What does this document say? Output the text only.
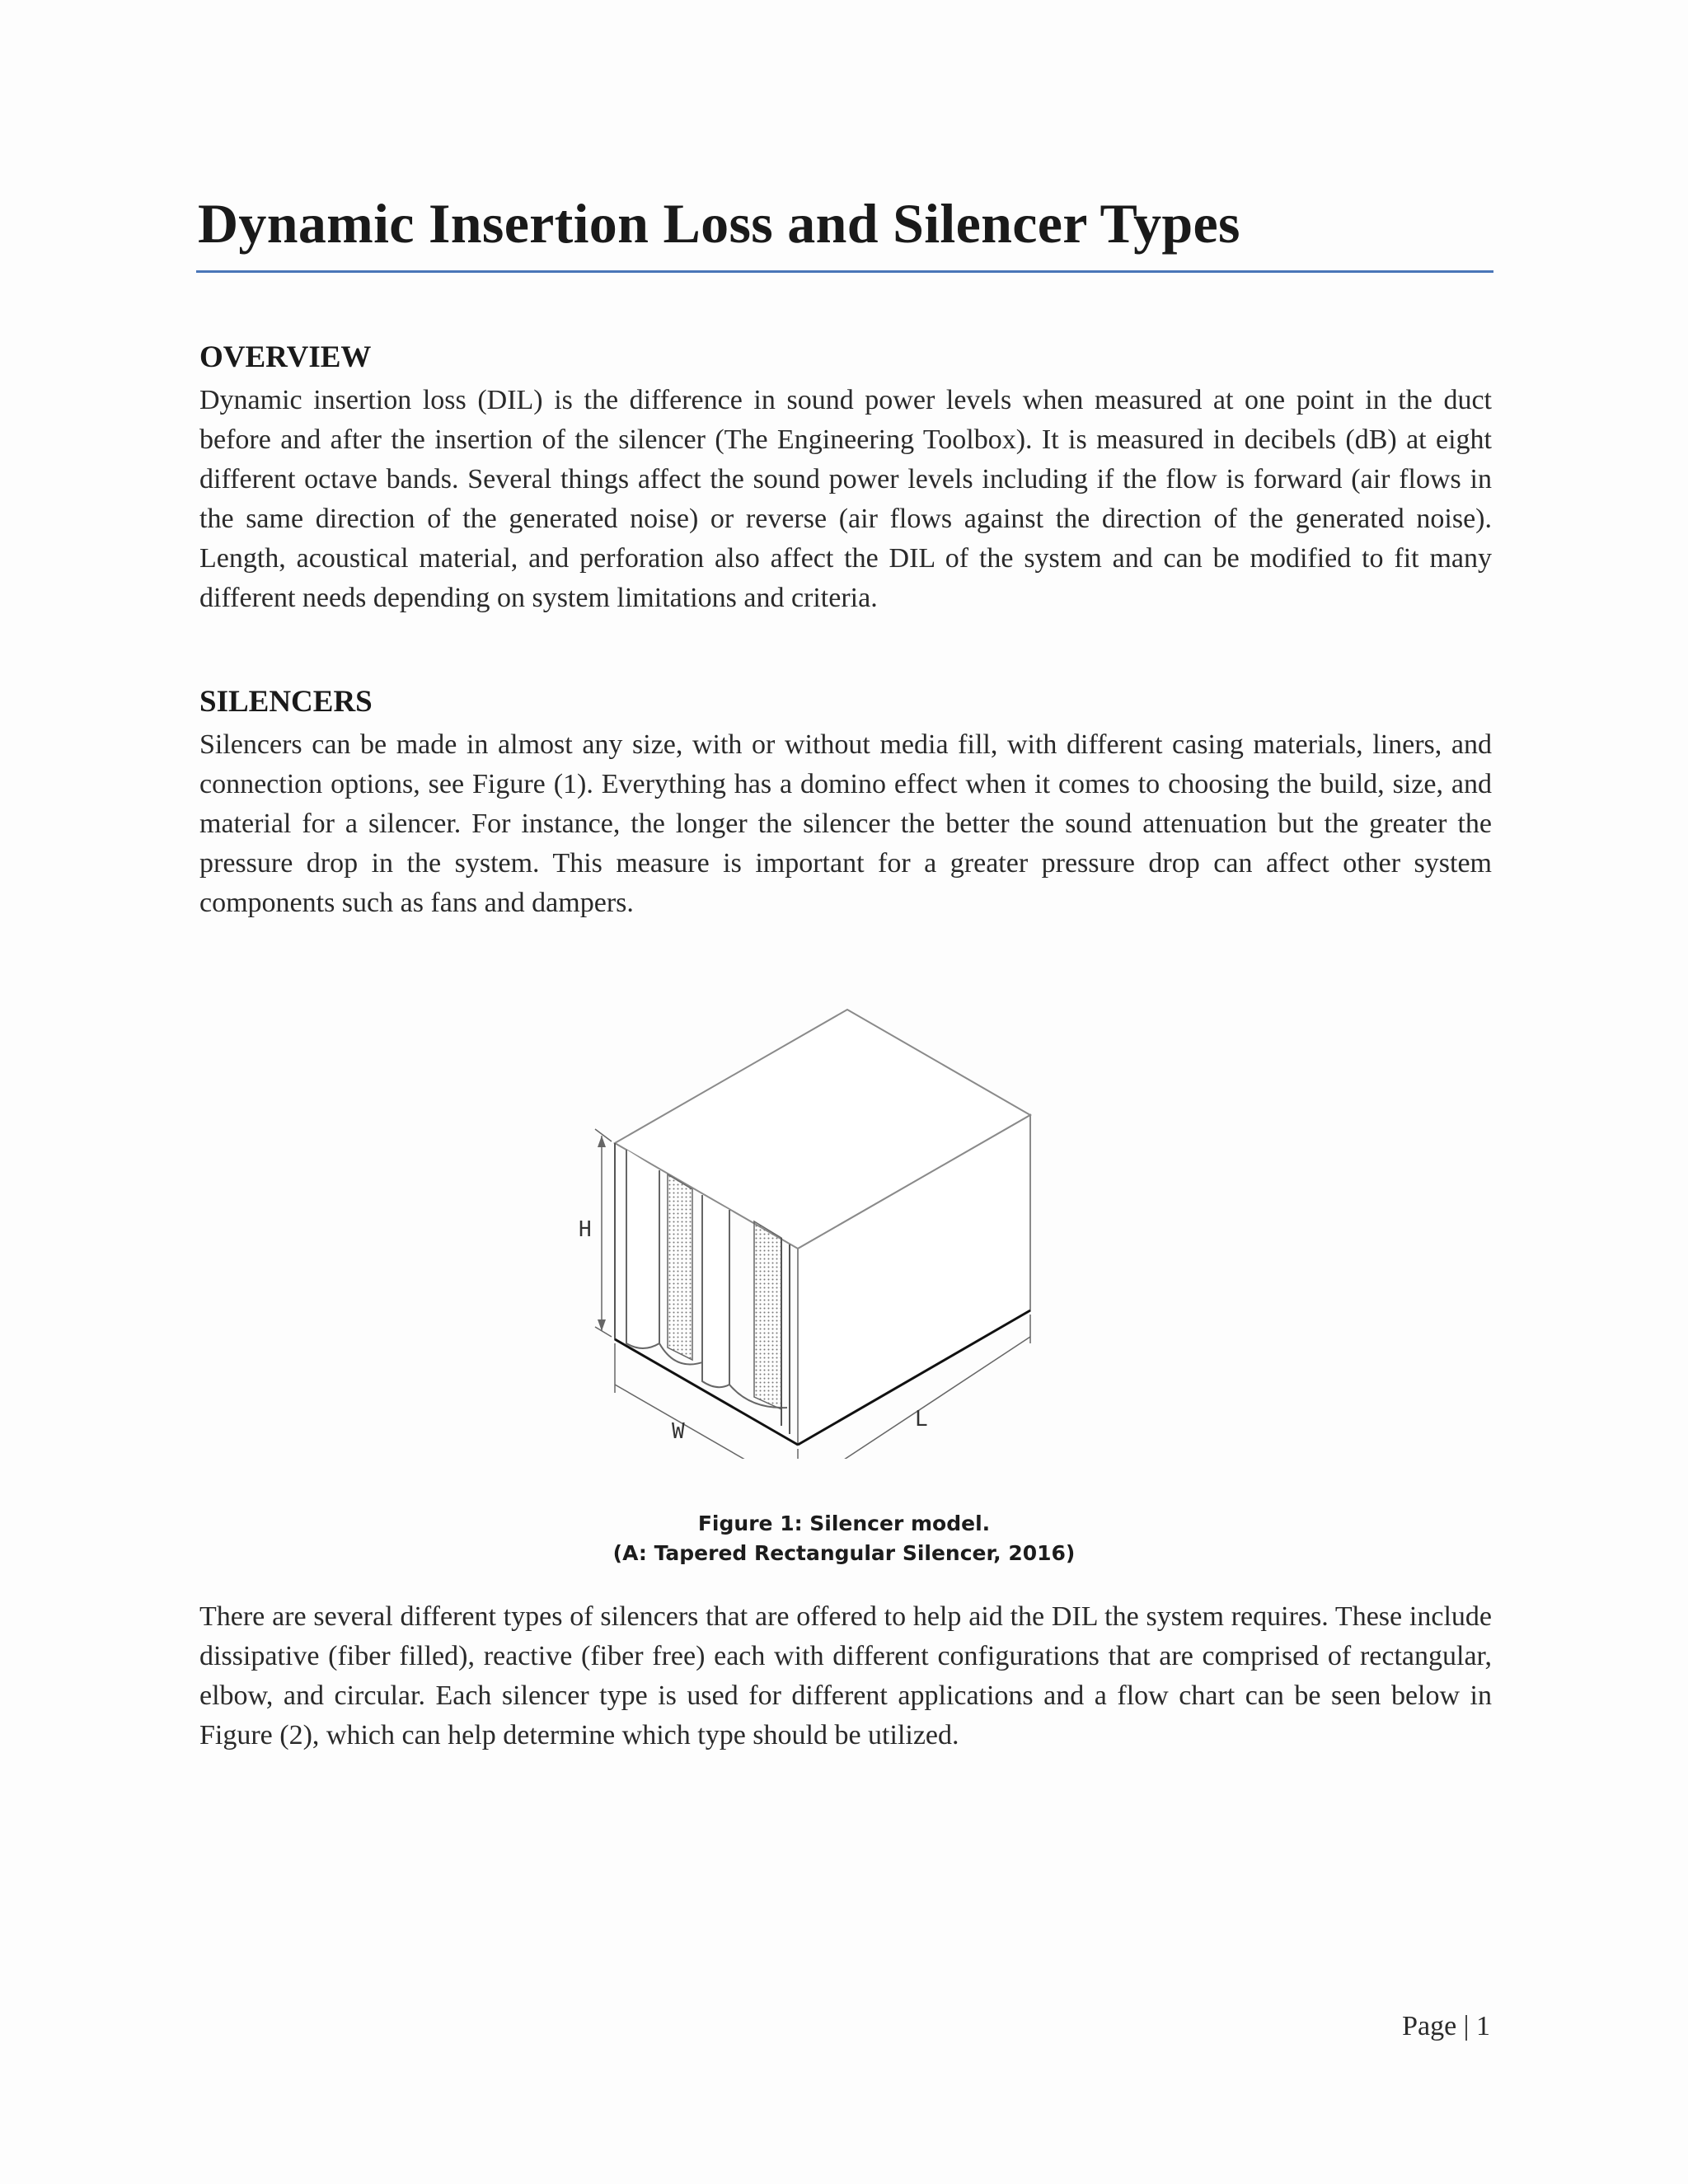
Dynamic Insertion Loss and Silencer Types
OVERVIEW

Dynamic insertion loss (DIL) is the difference in sound power levels when measured at one point in the duct before and after the insertion of the silencer (The Engineering Toolbox). It is measured in decibels (dB) at eight different octave bands. Several things affect the sound power levels including if the flow is forward (air flows in the same direction of the generated noise) or reverse (air flows against the direction of the generated noise). Length, acoustical material, and perforation also affect the DIL of the system and can be modified to fit many different needs depending on system limitations and criteria.

SILENCERS

Silencers can be made in almost any size, with or without media fill, with different casing materials, liners, and connection options, see Figure (1). Everything has a domino effect when it comes to choosing the build, size, and material for a silencer. For instance, the longer the silencer the better the sound attenuation but the greater the pressure drop in the system. This measure is important for a greater pressure drop can affect other system components such as fans and dampers.

H
W	L
Figure 1: Silencer model.
(A: Tapered Rectangular Silencer, 2016)

There are several different types of silencers that are offered to help aid the DIL the system requires. These include dissipative (fiber filled), reactive (fiber free) each with different configurations that are comprised of rectangular, elbow, and circular. Each silencer type is used for different applications and a flow chart can be seen below in Figure (2), which can help determine which type should be utilized.

Page | 1
